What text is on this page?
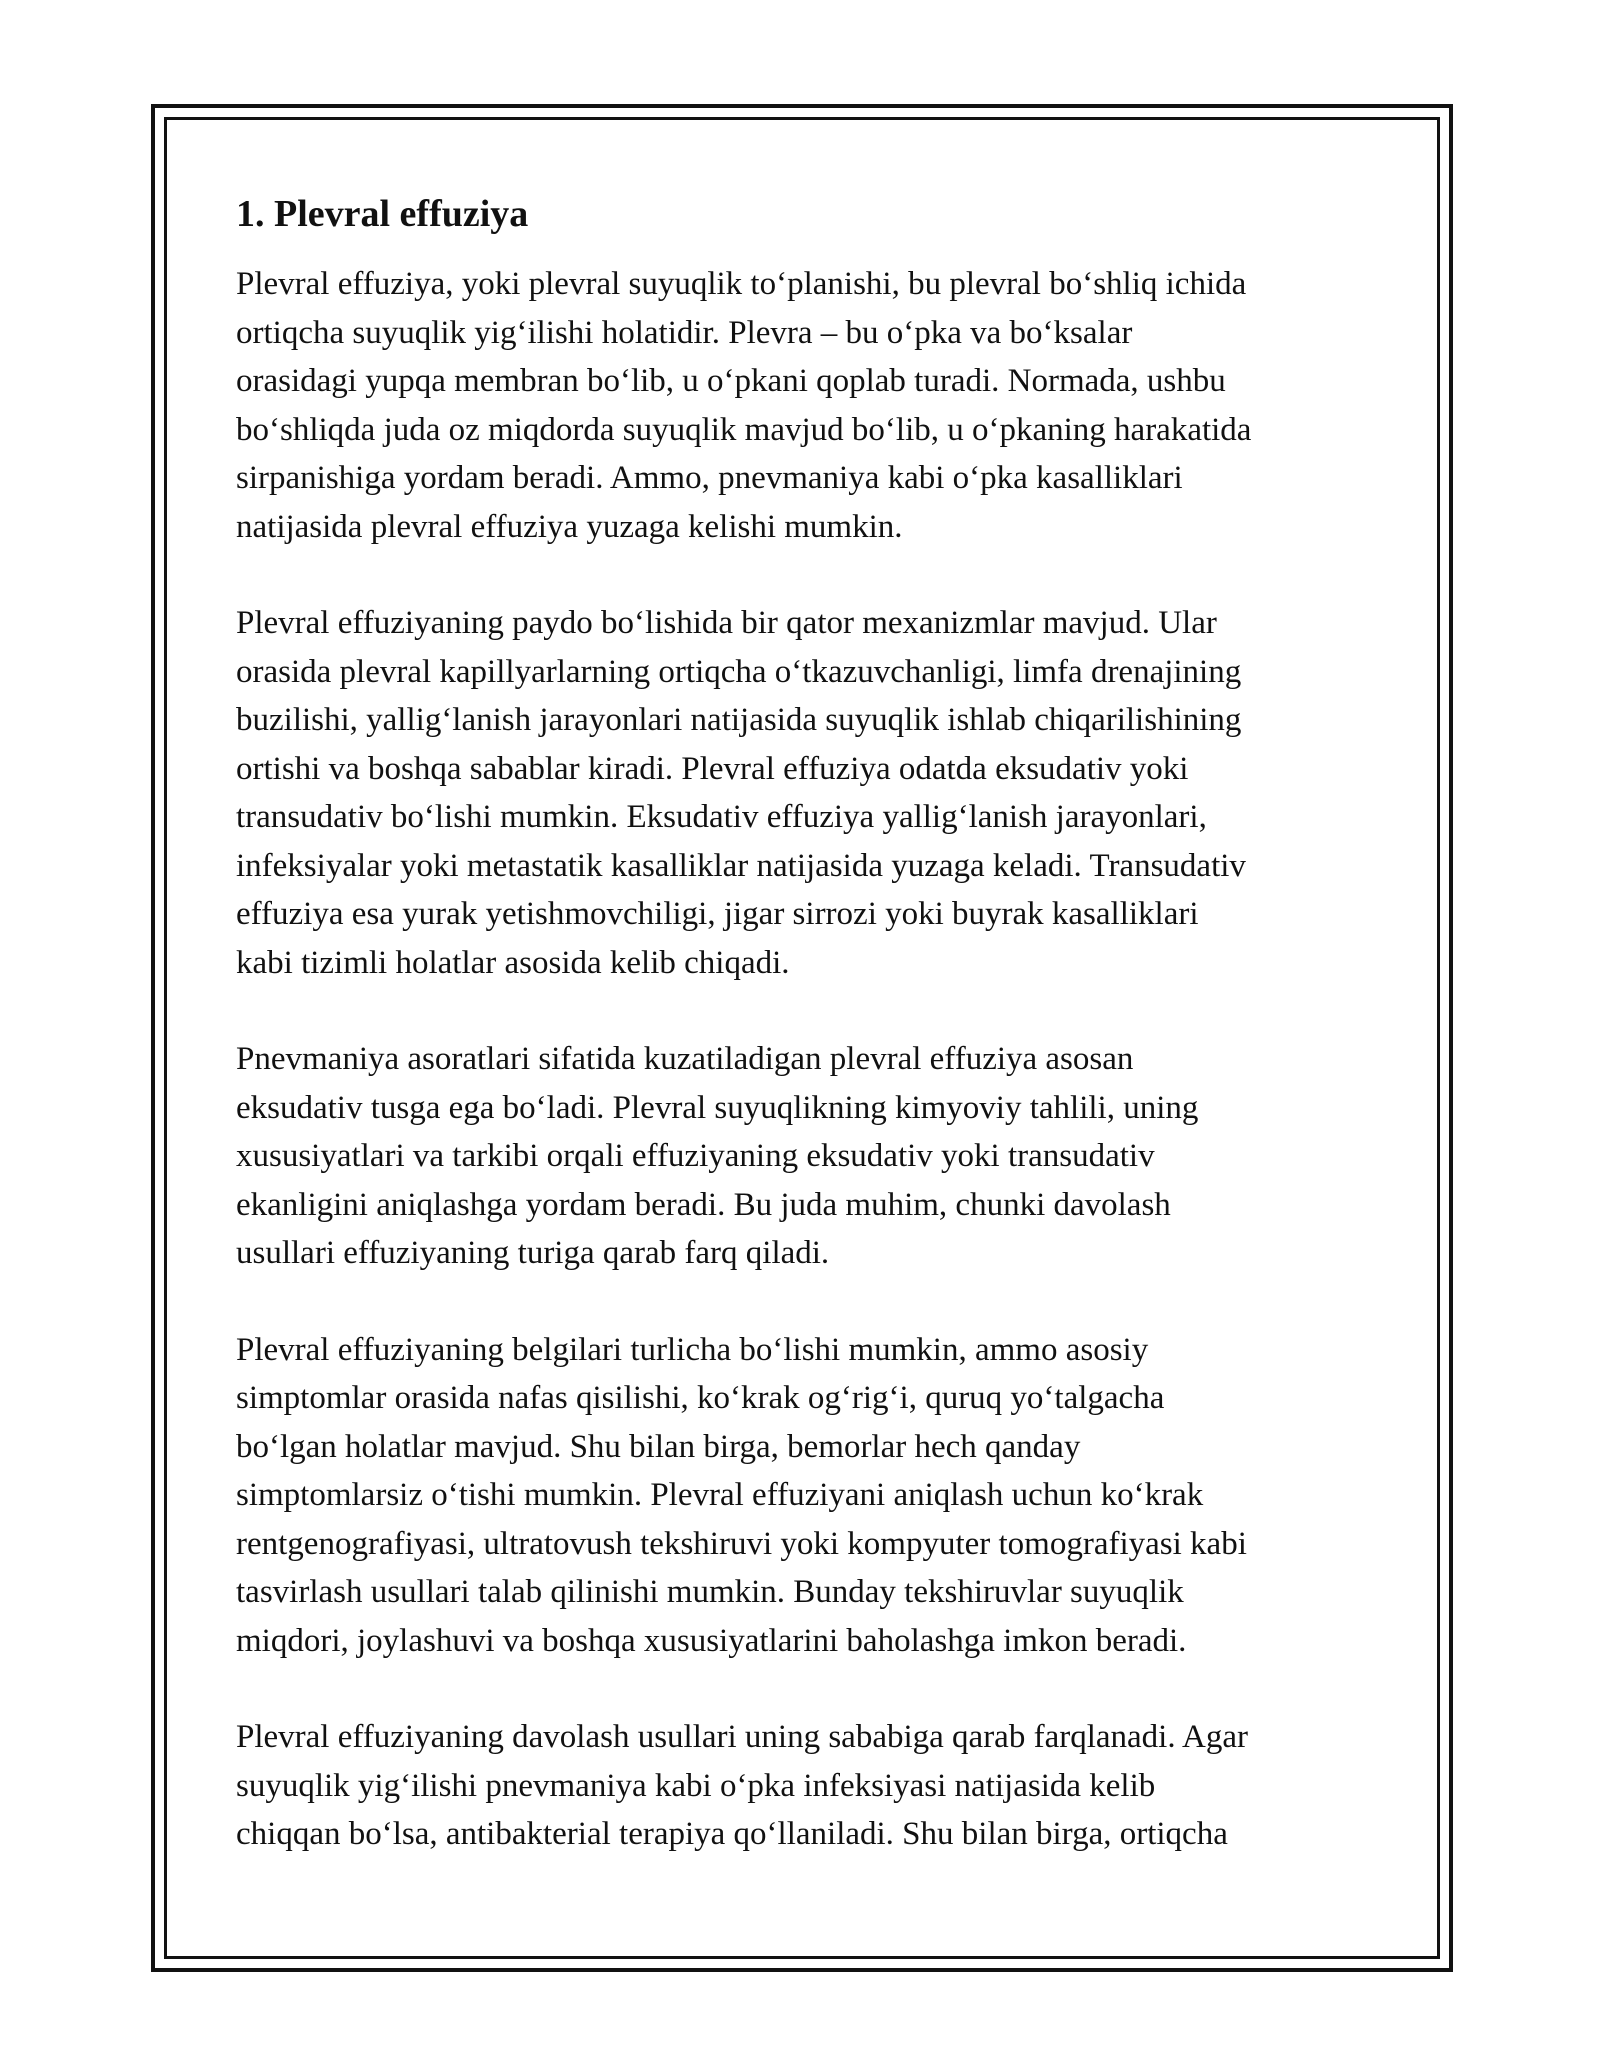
1. Plevral effuziya
Plevral effuziya, yoki plevral suyuqlik to‘planishi, bu plevral bo‘shliq ichida
ortiqcha suyuqlik yig‘ilishi holatidir. Plevra – bu o‘pka va bo‘ksalar
orasidagi yupqa membran bo‘lib, u o‘pkani qoplab turadi. Normada, ushbu
bo‘shliqda juda oz miqdorda suyuqlik mavjud bo‘lib, u o‘pkaning harakatida
sirpanishiga yordam beradi. Ammo, pnevmaniya kabi o‘pka kasalliklari
natijasida plevral effuziya yuzaga kelishi mumkin.
Plevral effuziyaning paydo bo‘lishida bir qator mexanizmlar mavjud. Ular
orasida plevral kapillyarlarning ortiqcha o‘tkazuvchanligi, limfa drenajining
buzilishi, yallig‘lanish jarayonlari natijasida suyuqlik ishlab chiqarilishining
ortishi va boshqa sabablar kiradi. Plevral effuziya odatda eksudativ yoki
transudativ bo‘lishi mumkin. Eksudativ effuziya yallig‘lanish jarayonlari,
infeksiyalar yoki metastatik kasalliklar natijasida yuzaga keladi. Transudativ
effuziya esa yurak yetishmovchiligi, jigar sirrozi yoki buyrak kasalliklari
kabi tizimli holatlar asosida kelib chiqadi.
Pnevmaniya asoratlari sifatida kuzatiladigan plevral effuziya asosan
eksudativ tusga ega bo‘ladi. Plevral suyuqlikning kimyoviy tahlili, uning
xususiyatlari va tarkibi orqali effuziyaning eksudativ yoki transudativ
ekanligini aniqlashga yordam beradi. Bu juda muhim, chunki davolash
usullari effuziyaning turiga qarab farq qiladi.
Plevral effuziyaning belgilari turlicha bo‘lishi mumkin, ammo asosiy
simptomlar orasida nafas qisilishi, ko‘krak og‘rig‘i, quruq yo‘talgacha
bo‘lgan holatlar mavjud. Shu bilan birga, bemorlar hech qanday
simptomlarsiz o‘tishi mumkin. Plevral effuziyani aniqlash uchun ko‘krak
rentgenografiyasi, ultratovush tekshiruvi yoki kompyuter tomografiyasi kabi
tasvirlash usullari talab qilinishi mumkin. Bunday tekshiruvlar suyuqlik
miqdori, joylashuvi va boshqa xususiyatlarini baholashga imkon beradi.
Plevral effuziyaning davolash usullari uning sababiga qarab farqlanadi. Agar
suyuqlik yig‘ilishi pnevmaniya kabi o‘pka infeksiyasi natijasida kelib
chiqqan bo‘lsa, antibakterial terapiya qo‘llaniladi. Shu bilan birga, ortiqcha
